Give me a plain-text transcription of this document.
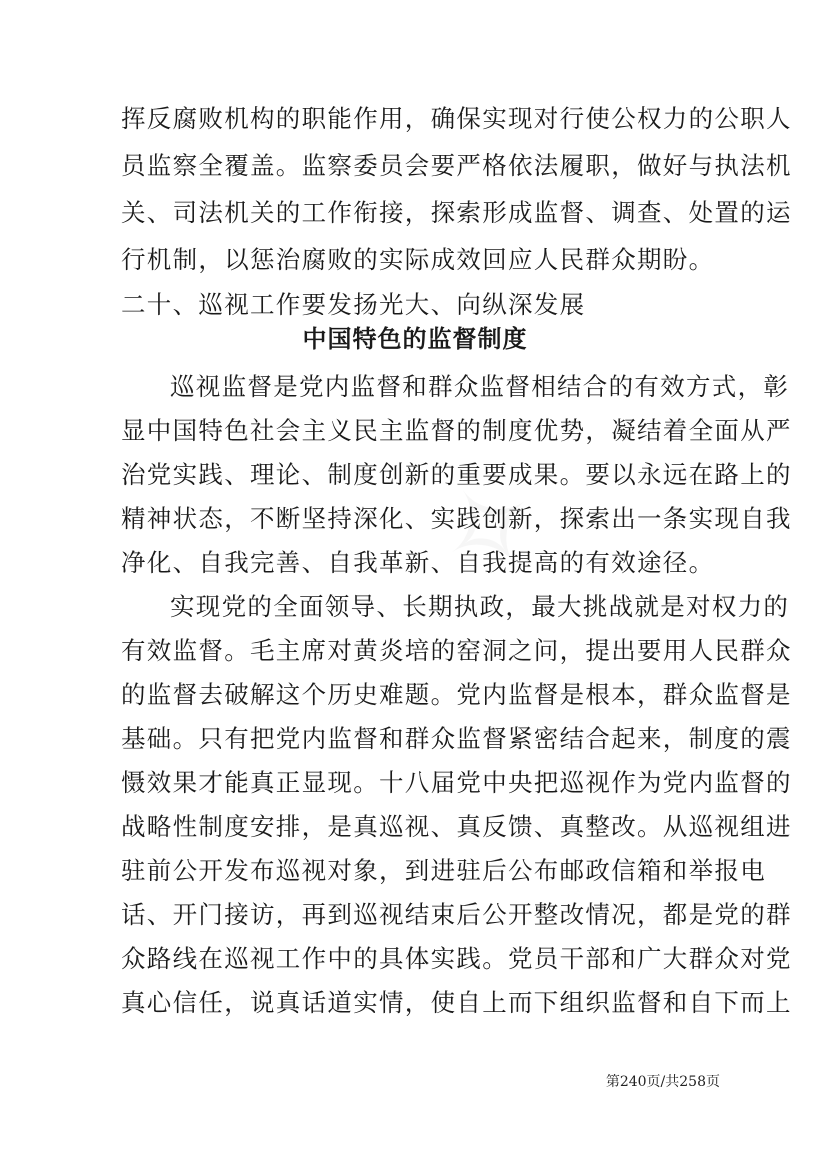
✧
挥反腐败机构的职能作用，确保实现对行使公权力的公职人
员监察全覆盖。监察委员会要严格依法履职，做好与执法机
关、司法机关的工作衔接，探索形成监督、调查、处置的运
行机制，以惩治腐败的实际成效回应人民群众期盼。
二十、巡视工作要发扬光大、向纵深发展
中国特色的监督制度
巡视监督是党内监督和群众监督相结合的有效方式，彰
显中国特色社会主义民主监督的制度优势，凝结着全面从严
治党实践、理论、制度创新的重要成果。要以永远在路上的
精神状态，不断坚持深化、实践创新，探索出一条实现自我
净化、自我完善、自我革新、自我提高的有效途径。
实现党的全面领导、长期执政，最大挑战就是对权力的
有效监督。毛主席对黄炎培的窑洞之问，提出要用人民群众
的监督去破解这个历史难题。党内监督是根本，群众监督是
基础。只有把党内监督和群众监督紧密结合起来，制度的震
慑效果才能真正显现。十八届党中央把巡视作为党内监督的
战略性制度安排，是真巡视、真反馈、真整改。从巡视组进
驻前公开发布巡视对象，到进驻后公布邮政信箱和举报电
话、开门接访，再到巡视结束后公开整改情况，都是党的群
众路线在巡视工作中的具体实践。党员干部和广大群众对党
真心信任，说真话道实情，使自上而下组织监督和自下而上
第240页/共258页
